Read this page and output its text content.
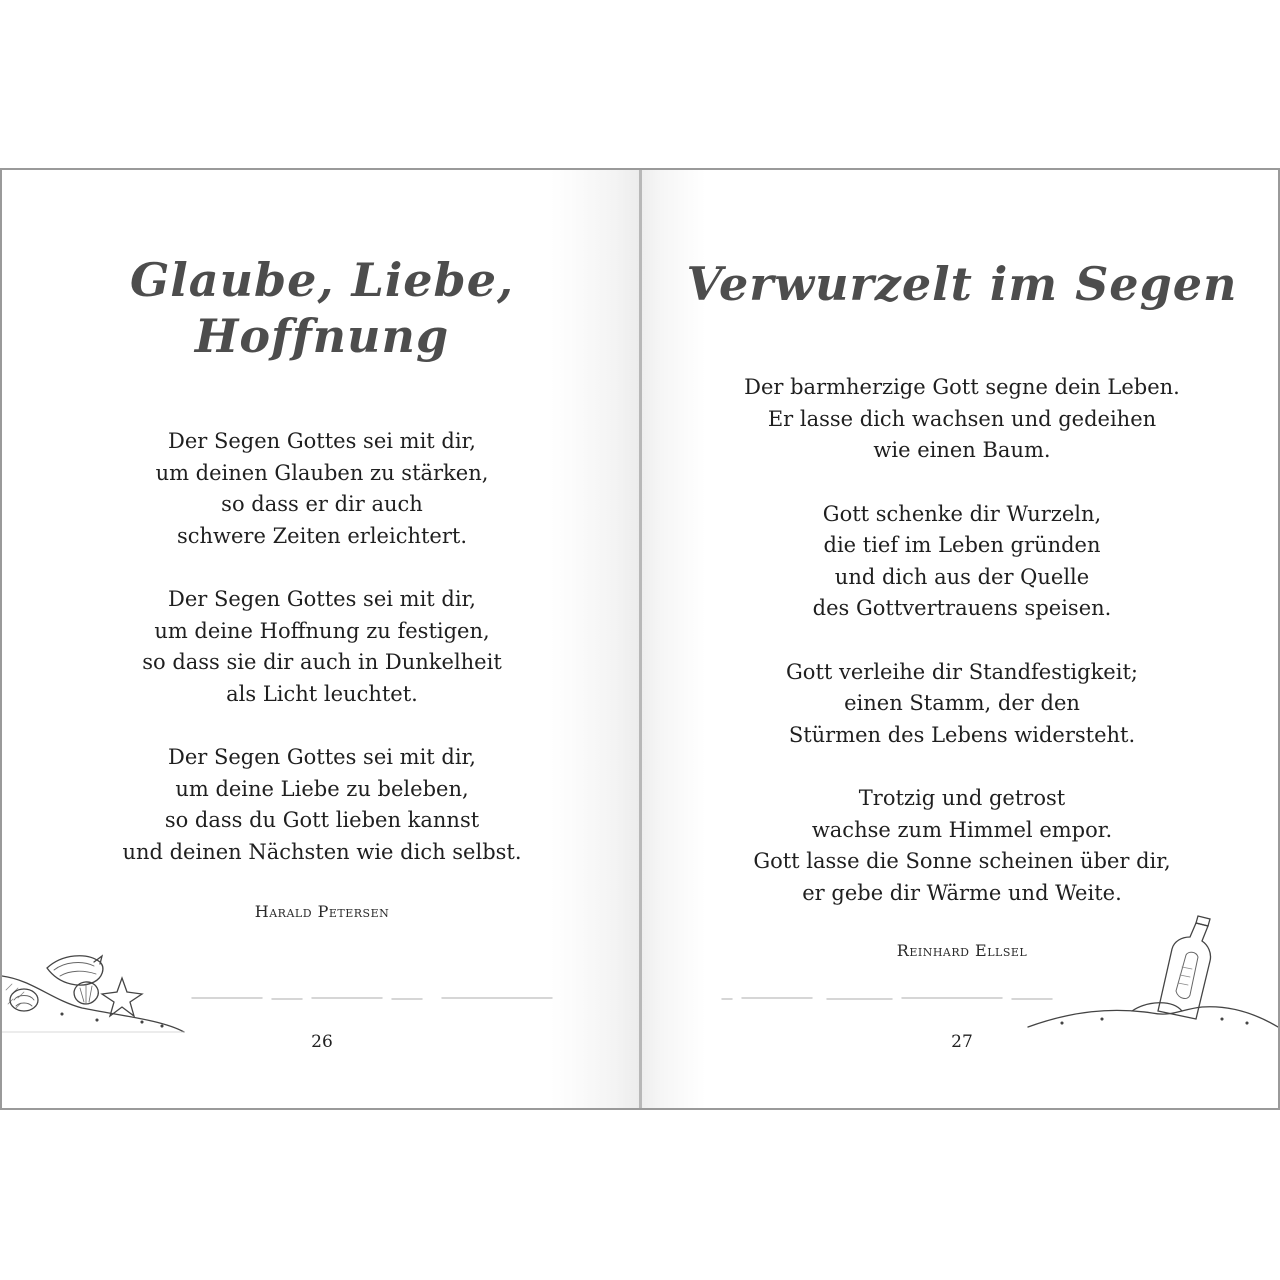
Glaube, Liebe,
Hoffnung

Der Segen Gottes sei mit dir,
um deinen Glauben zu stärken,
so dass er dir auch
schwere Zeiten erleichtert.

Der Segen Gottes sei mit dir,
um deine Hoffnung zu festigen,
so dass sie dir auch in Dunkelheit
als Licht leuchtet.

Der Segen Gottes sei mit dir,
um deine Liebe zu beleben,
so dass du Gott lieben kannst
und deinen Nächsten wie dich selbst.

Harald Petersen
26
Verwurzelt im Segen

Der barmherzige Gott segne dein Leben.
Er lasse dich wachsen und gedeihen
wie einen Baum.

Gott schenke dir Wurzeln,
die tief im Leben gründen
und dich aus der Quelle
des Gottvertrauens speisen.

Gott verleihe dir Standfestigkeit;
einen Stamm, der den
Stürmen des Lebens widersteht.

Trotzig und getrost
wachse zum Himmel empor.
Gott lasse die Sonne scheinen über dir,
er gebe dir Wärme und Weite.

Reinhard Ellsel
27
